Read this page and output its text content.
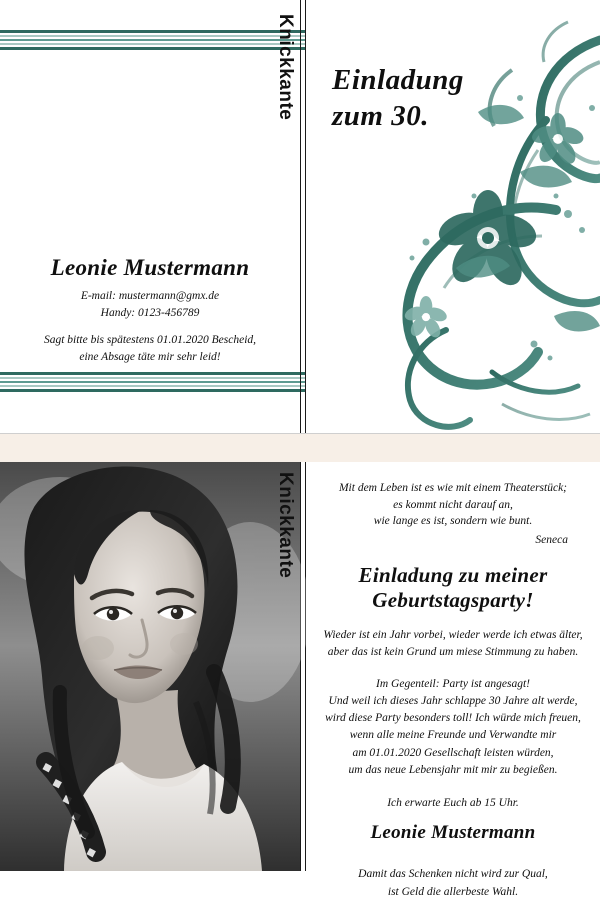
Leonie Mustermann
E-mail: mustermann@gmx.de
Handy: 0123-456789
Sagt bitte bis spätestens 01.01.2020 Bescheid,
eine Absage täte mir sehr leid!
Einladung
zum 30.
Knickkante
Knickkante	Mit dem Leben ist es wie mit einem Theaterstück;
es kommt nicht darauf an,
wie lange es ist, sondern wie bunt.
Seneca
Einladung zu meiner
Geburtstagsparty!
Wieder ist ein Jahr vorbei, wieder werde ich etwas älter,
aber das ist kein Grund um miese Stimmung zu haben.
Im Gegenteil: Party ist angesagt!
Und weil ich dieses Jahr schlappe 30 Jahre alt werde,
wird diese Party besonders toll! Ich würde mich freuen,
wenn alle meine Freunde und Verwandte mir
am 01.01.2020 Gesellschaft leisten würden,
um das neue Lebensjahr mit mir zu begießen.
Ich erwarte Euch ab 15 Uhr.
Leonie Mustermann
Damit das Schenken nicht wird zur Qual,
ist Geld die allerbeste Wahl.
